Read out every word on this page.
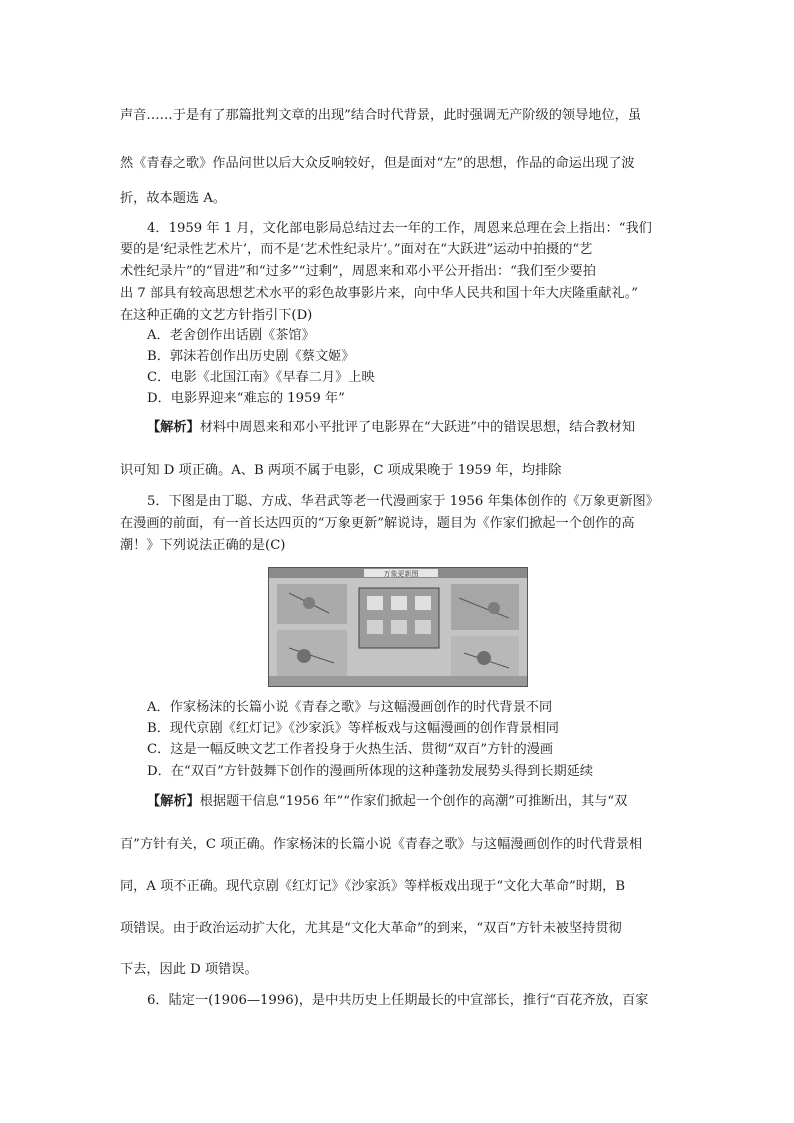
声音……于是有了那篇批判文章的出现”结合时代背景，此时强调无产阶级的领导地位，虽
然《青春之歌》作品问世以后大众反响较好，但是面对“左”的思想，作品的命运出现了波
折，故本题选 A。
4．1959 年 1 月，文化部电影局总结过去一年的工作，周恩来总理在会上指出：“我们
要的是‘纪录性艺术片’，而不是‘艺术性纪录片’。”面对在“大跃进”运动中拍摄的“艺
术性纪录片”的“冒进”和“过多”“过剩”，周恩来和邓小平公开指出：“我们至少要拍
出 7 部具有较高思想艺术水平的彩色故事影片来，向中华人民共和国十年大庆隆重献礼。”
在这种正确的文艺方针指引下(D)
A．老舍创作出话剧《茶馆》
B．郭沫若创作出历史剧《蔡文姬》
C．电影《北国江南》《早春二月》上映
D．电影界迎来“难忘的 1959 年”
【解析】材料中周恩来和邓小平批评了电影界在“大跃进”中的错误思想，结合教材知
识可知 D 项正确。A、B 两项不属于电影，C 项成果晚于 1959 年，均排除
5．下图是由丁聪、方成、华君武等老一代漫画家于 1956 年集体创作的《万象更新图》
在漫画的前面，有一首长达四页的“万象更新”解说诗，题目为《作家们掀起一个创作的高
潮！》下列说法正确的是(C)
万象更新图
A．作家杨沫的长篇小说《青春之歌》与这幅漫画创作的时代背景不同
B．现代京剧《红灯记》《沙家浜》等样板戏与这幅漫画的创作背景相同
C．这是一幅反映文艺工作者投身于火热生活、贯彻“双百”方针的漫画
D．在“双百”方针鼓舞下创作的漫画所体现的这种蓬勃发展势头得到长期延续
【解析】根据题干信息“1956 年”“作家们掀起一个创作的高潮”可推断出，其与“双
百”方针有关，C 项正确。作家杨沫的长篇小说《青春之歌》与这幅漫画创作的时代背景相
同，A 项不正确。现代京剧《红灯记》《沙家浜》等样板戏出现于“文化大革命”时期，B
项错误。由于政治运动扩大化，尤其是“文化大革命”的到来，“双百”方针未被坚持贯彻
下去，因此 D 项错误。
6．陆定一(1906—1996)，是中共历史上任期最长的中宣部长，推行“百花齐放，百家
